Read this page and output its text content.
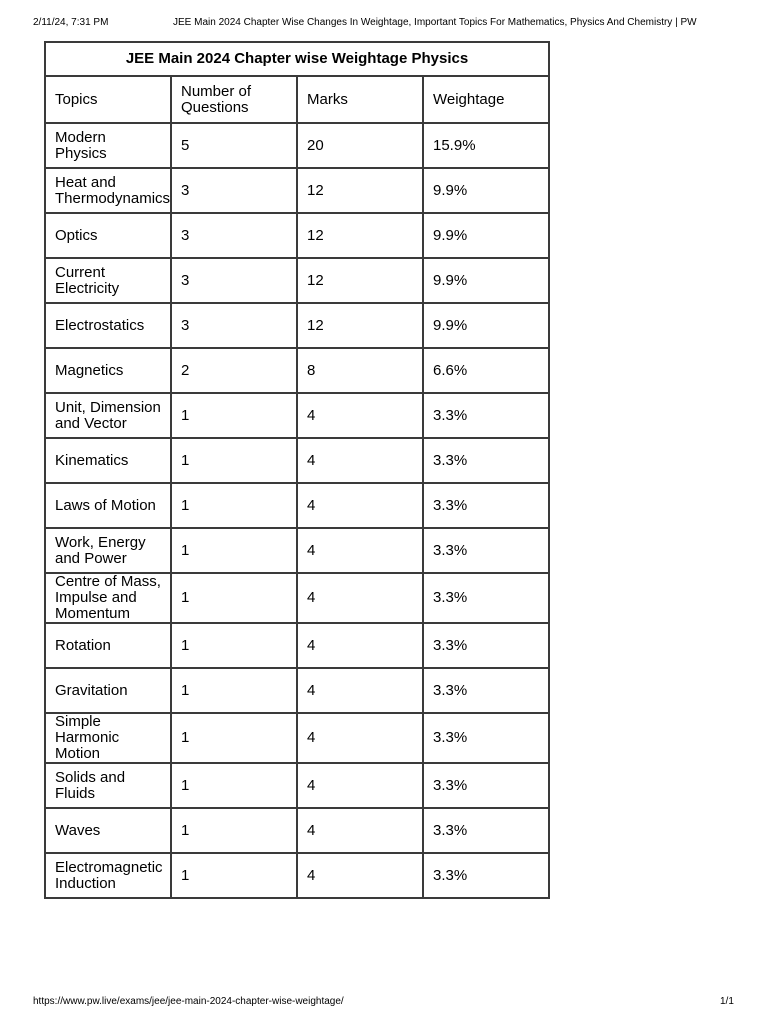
2/11/24, 7:31 PM	JEE Main 2024 Chapter Wise Changes In Weightage, Important Topics For Mathematics, Physics And Chemistry | PW
JEE Main 2024 Chapter wise Weightage Physics			
Topics	Number of Questions	Marks	Weightage
Modern Physics	5	20	15.9%
Heat and Thermodynamics	3	12	9.9%
Optics	3	12	9.9%
Current Electricity	3	12	9.9%
Electrostatics	3	12	9.9%
Magnetics	2	8	6.6%
Unit, Dimension and Vector	1	4	3.3%
Kinematics	1	4	3.3%
Laws of Motion	1	4	3.3%
Work, Energy and Power	1	4	3.3%
Centre of Mass, Impulse and Momentum	1	4	3.3%
Rotation	1	4	3.3%
Gravitation	1	4	3.3%
Simple Harmonic Motion	1	4	3.3%
Solids and Fluids	1	4	3.3%
Waves	1	4	3.3%
Electromagnetic Induction	1	4	3.3%
https://www.pw.live/exams/jee/jee-main-2024-chapter-wise-weightage/	1/1
